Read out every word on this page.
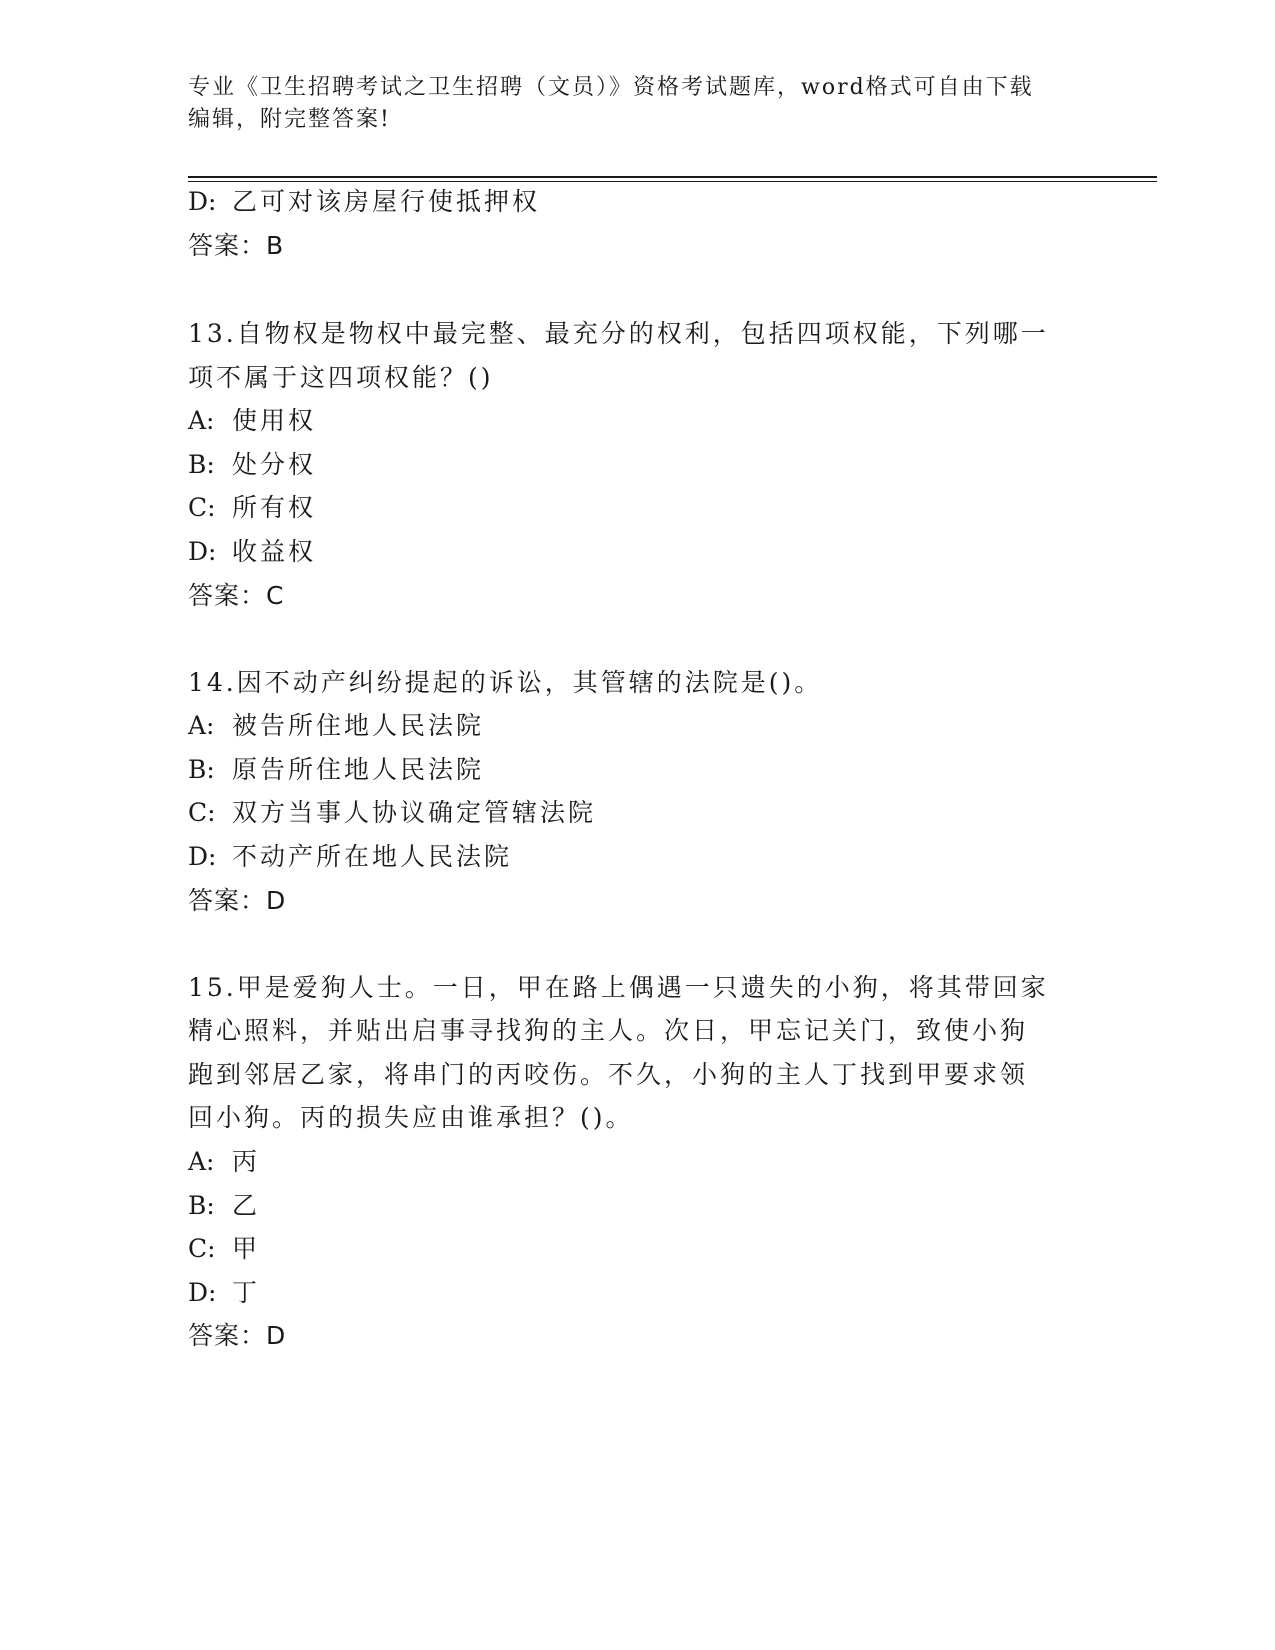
专业《卫生招聘考试之卫生招聘（文员）》资格考试题库，word格式可自由下载
编辑，附完整答案!
D: 乙可对该房屋行使抵押权
答案：B
13.自物权是物权中最完整、最充分的权利，包括四项权能，下列哪一
项不属于这四项权能？()
A: 使用权
B: 处分权
C: 所有权
D: 收益权
答案：C
14.因不动产纠纷提起的诉讼，其管辖的法院是()。
A: 被告所住地人民法院
B: 原告所住地人民法院
C: 双方当事人协议确定管辖法院
D: 不动产所在地人民法院
答案：D
15.甲是爱狗人士。一日，甲在路上偶遇一只遗失的小狗，将其带回家
精心照料，并贴出启事寻找狗的主人。次日，甲忘记关门，致使小狗
跑到邻居乙家，将串门的丙咬伤。不久，小狗的主人丁找到甲要求领
回小狗。丙的损失应由谁承担？()。
A: 丙
B: 乙
C: 甲
D: 丁
答案：D
